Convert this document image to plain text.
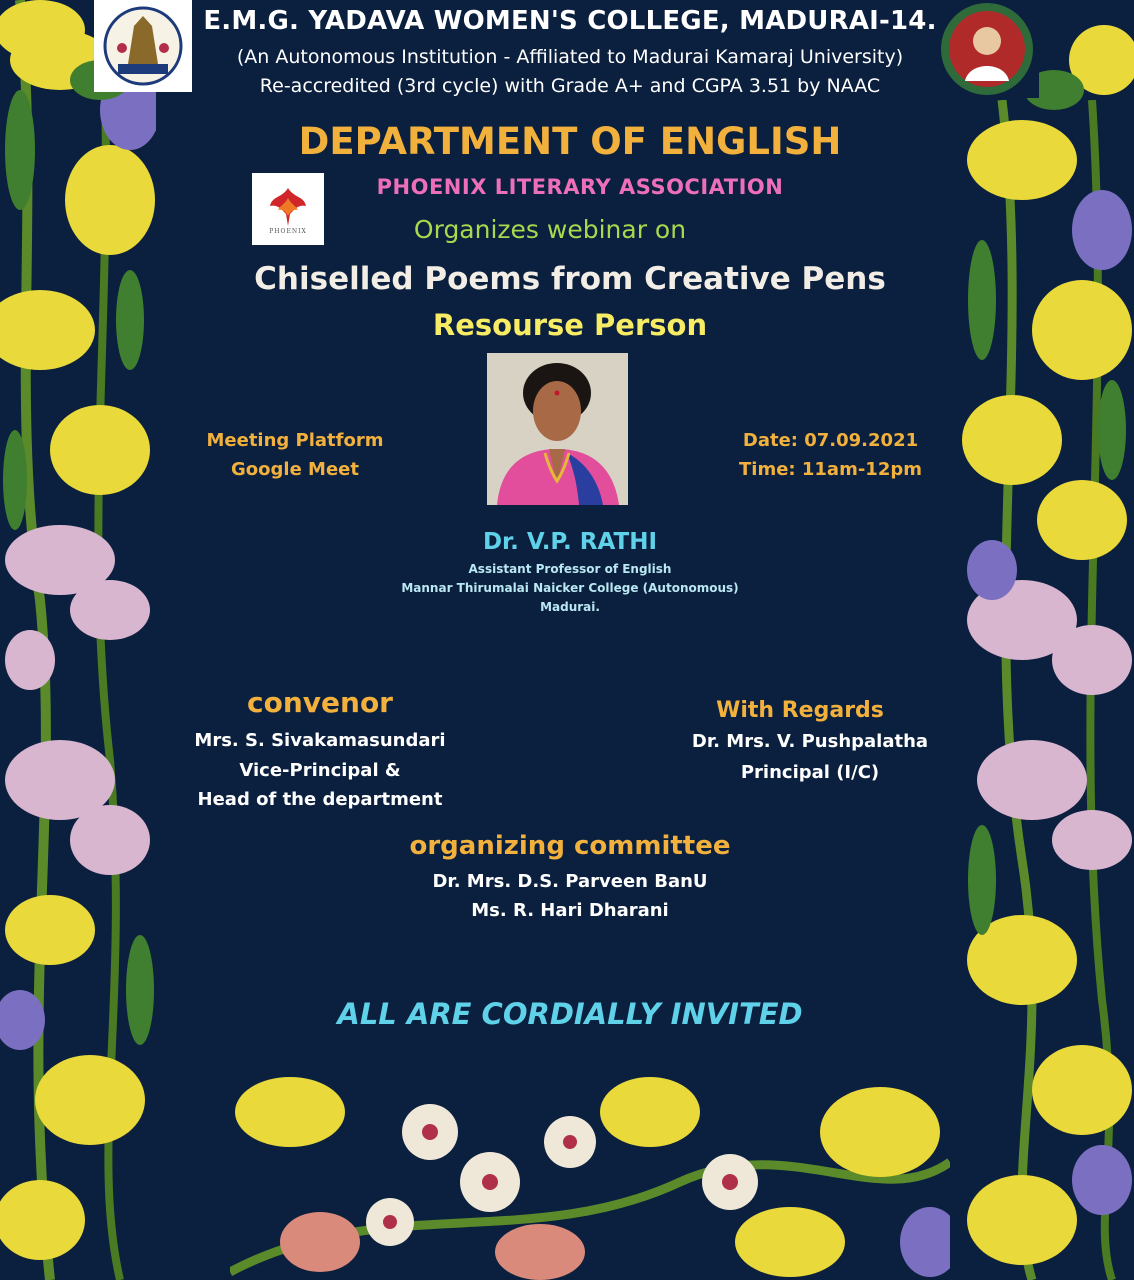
E.M.G. YADAVA WOMEN'S COLLEGE, MADURAI-14.
(An Autonomous Institution - Affiliated to Madurai Kamaraj University)
Re-accredited (3rd cycle) with Grade A+ and CGPA 3.51 by NAAC
DEPARTMENT OF ENGLISH
PHOENIX
PHOENIX LITERARY ASSOCIATION
Organizes webinar on
Chiselled Poems from Creative Pens
Resourse Person
Meeting Platform
Google Meet
Date: 07.09.2021
Time: 11am-12pm
Dr. V.P. RATHI
Assistant Professor of English
Mannar Thirumalai Naicker College (Autonomous)
Madurai.
convenor
Mrs. S. Sivakamasundari
Vice-Principal &
Head of the department
With Regards
Dr. Mrs. V. Pushpalatha
Principal (I/C)
organizing committee
Dr. Mrs. D.S. Parveen BanU
Ms. R. Hari Dharani
ALL ARE CORDIALLY INVITED
